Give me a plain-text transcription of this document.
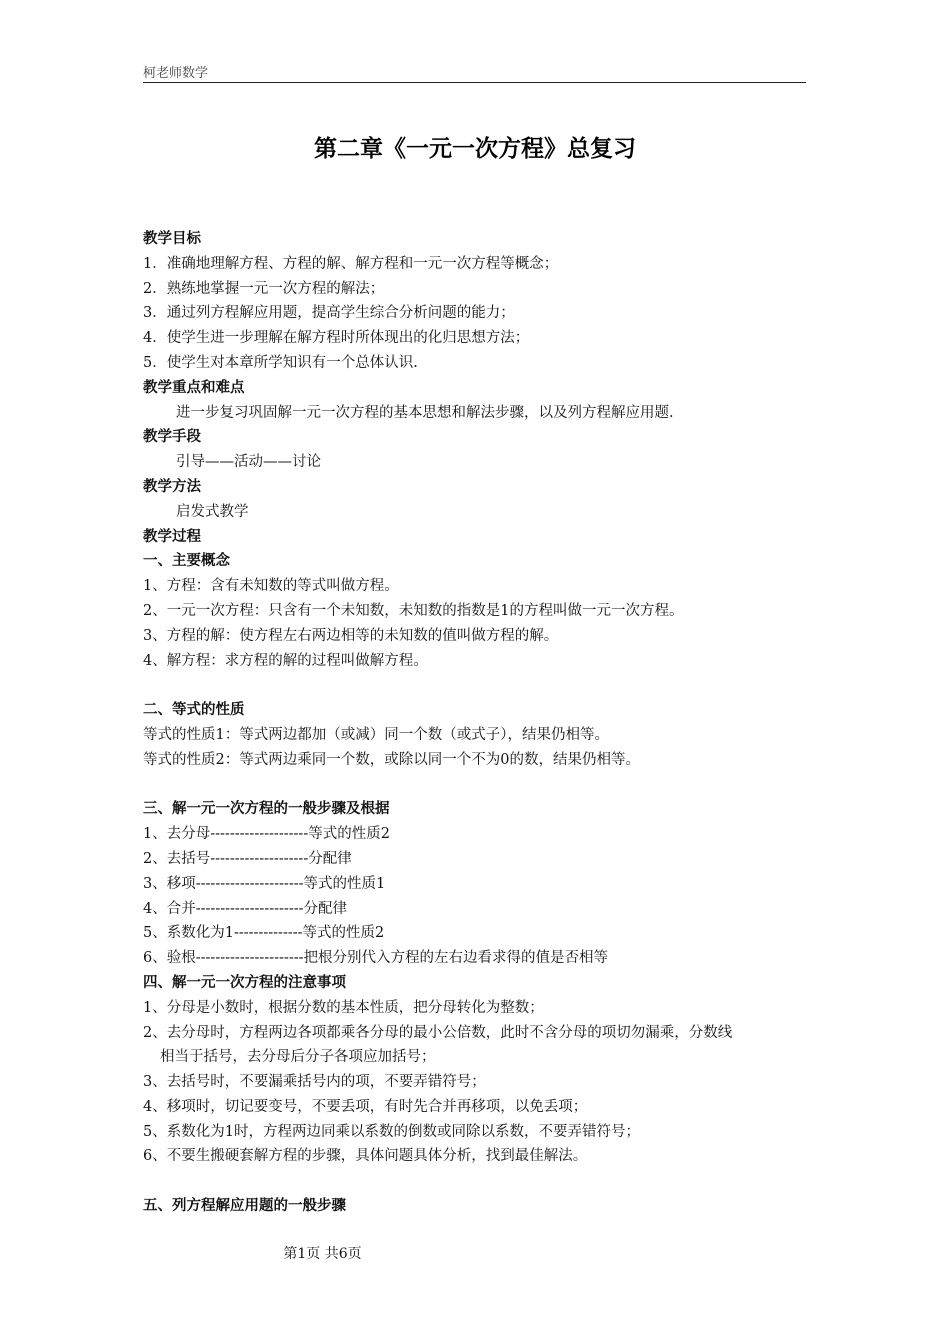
柯老师数学
第二章《一元一次方程》总复习
教学目标
1．准确地理解方程、方程的解、解方程和一元一次方程等概念；
2．熟练地掌握一元一次方程的解法；
3．通过列方程解应用题，提高学生综合分析问题的能力；
4．使学生进一步理解在解方程时所体现出的化归思想方法；
5．使学生对本章所学知识有一个总体认识.
教学重点和难点
进一步复习巩固解一元一次方程的基本思想和解法步骤，以及列方程解应用题.
教学手段
引导——活动——讨论
教学方法
启发式教学
教学过程
一、主要概念
1、方程：含有未知数的等式叫做方程。
2、一元一次方程：只含有一个未知数，未知数的指数是1的方程叫做一元一次方程。
3、方程的解：使方程左右两边相等的未知数的值叫做方程的解。
4、解方程：求方程的解的过程叫做解方程。
二、等式的性质
等式的性质1：等式两边都加（或减）同一个数（或式子），结果仍相等。
等式的性质2：等式两边乘同一个数，或除以同一个不为0的数，结果仍相等。
三、解一元一次方程的一般步骤及根据
1、去分母--------------------等式的性质2
2、去括号--------------------分配律
3、移项----------------------等式的性质1
4、合并----------------------分配律
5、系数化为1--------------等式的性质2
6、验根----------------------把根分别代入方程的左右边看求得的值是否相等
四、解一元一次方程的注意事项
1、分母是小数时，根据分数的基本性质，把分母转化为整数；
2、去分母时，方程两边各项都乘各分母的最小公倍数，此时不含分母的项切勿漏乘，分数线
相当于括号，去分母后分子各项应加括号；
3、去括号时，不要漏乘括号内的项，不要弄错符号；
4、移项时，切记要变号，不要丢项，有时先合并再移项，以免丢项；
5、系数化为1时，方程两边同乘以系数的倒数或同除以系数，不要弄错符号；
6、不要生搬硬套解方程的步骤，具体问题具体分析，找到最佳解法。
五、列方程解应用题的一般步骤
第1页 共6页
